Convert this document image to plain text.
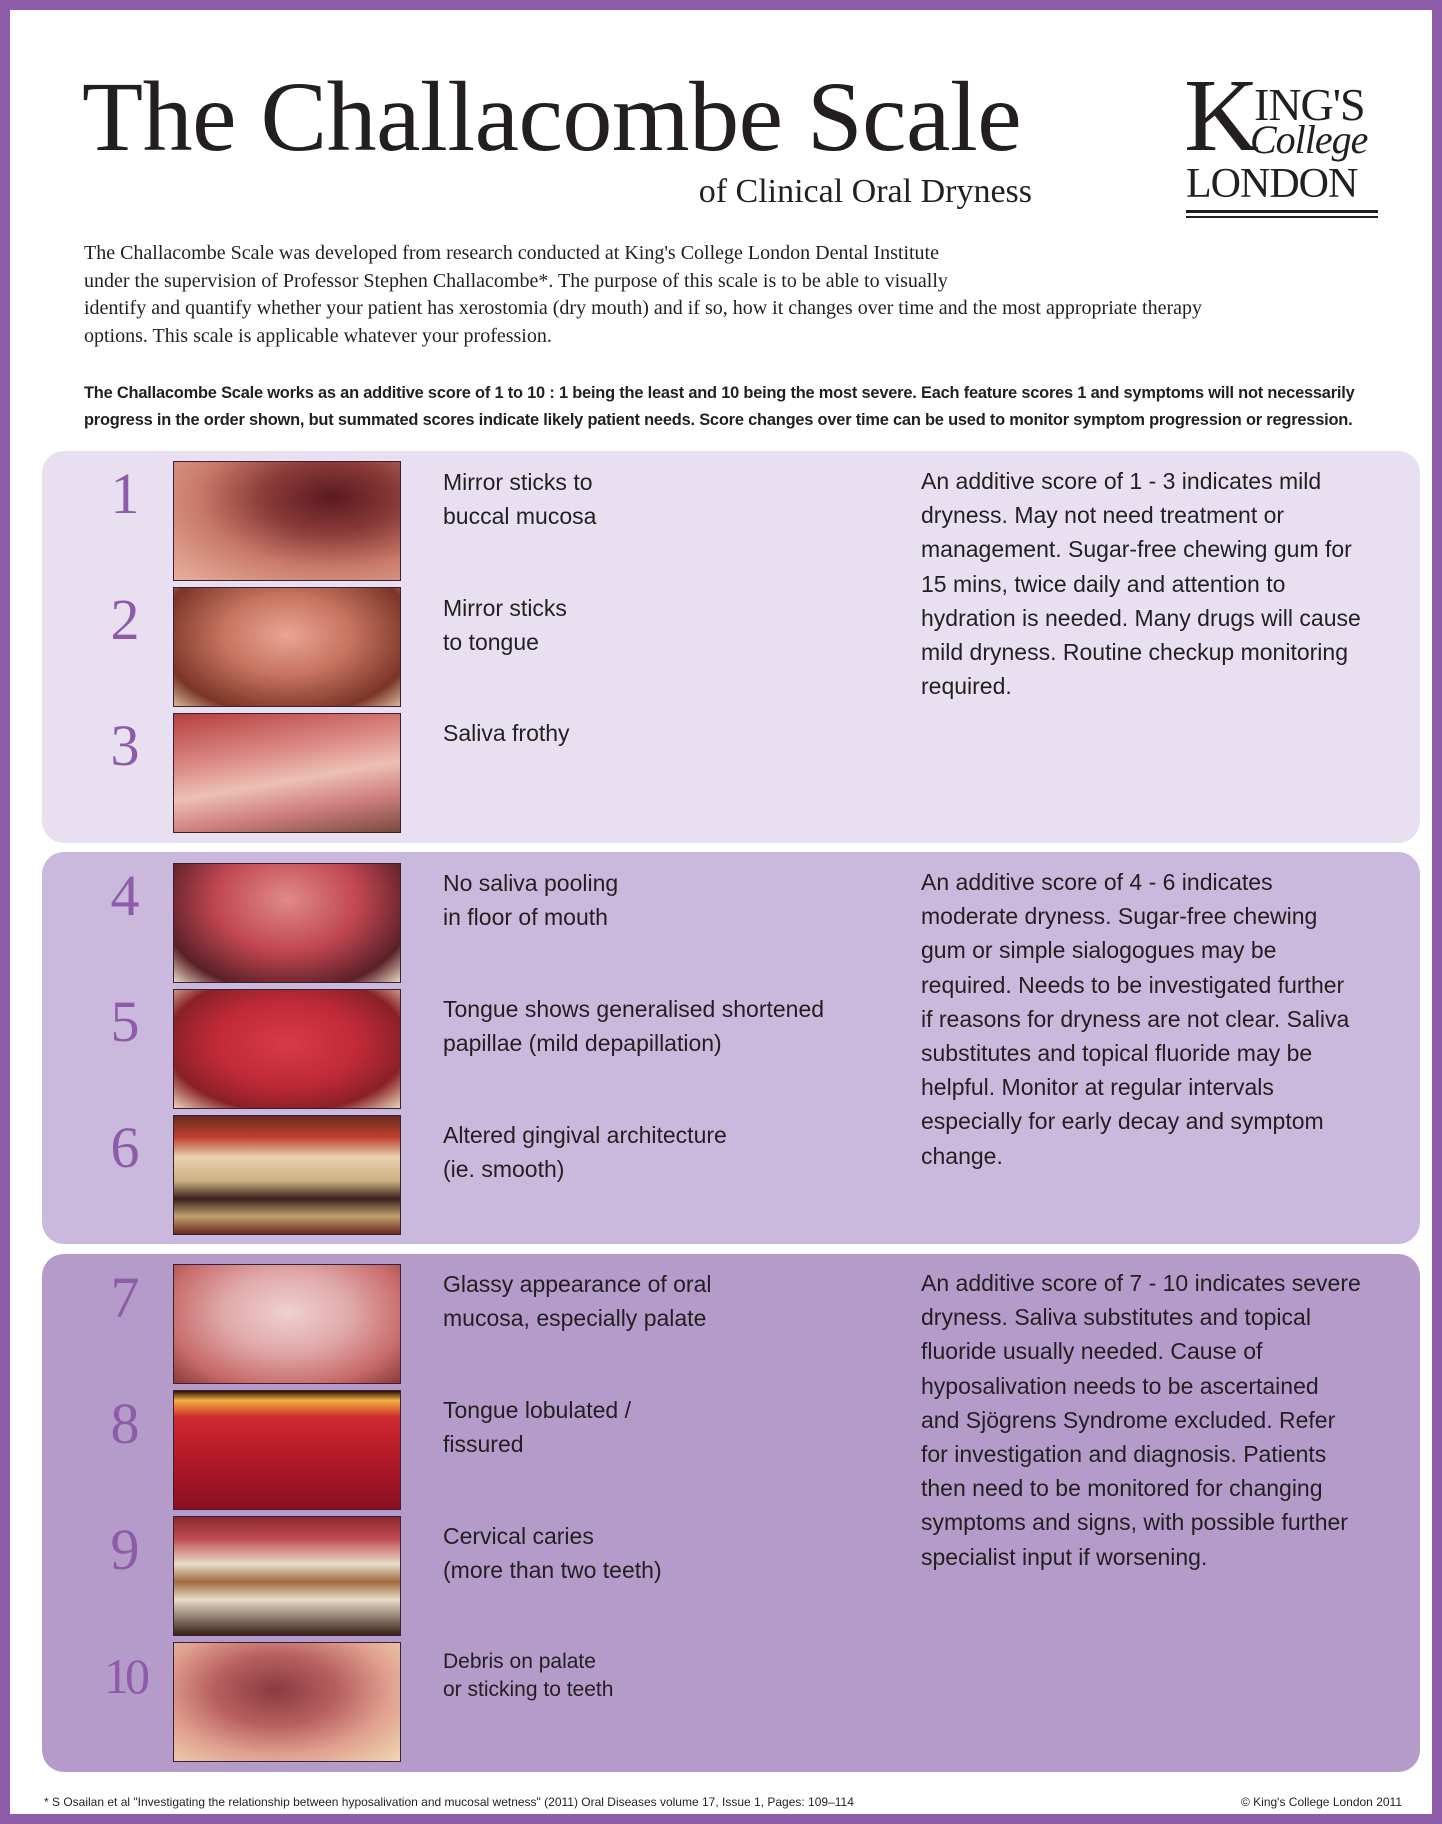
The Challacombe Scale
of Clinical Oral Dryness
K
ING'S
College
LONDON
The Challacombe Scale was developed from research conducted at King's College London Dental Institute
under the supervision of Professor Stephen Challacombe*. The purpose of this scale is to be able to visually
identify and quantify whether your patient has xerostomia (dry mouth) and if so, how it changes over time and the most appropriate therapy
options. This scale is applicable whatever your profession.
The Challacombe Scale works as an additive score of 1 to 10 : 1 being the least and 10 being the most severe. Each feature scores 1 and symptoms will not necessarily
progress in the order shown, but summated scores indicate likely patient needs. Score changes over time can be used to monitor symptom progression or regression.
1	Mirror sticks to
buccal mucosa
2	Mirror sticks
to tongue
3	Saliva frothy
An additive score of 1 - 3 indicates mild dryness. May not need treatment or management. Sugar-free chewing gum for 15 mins, twice daily and attention to hydration is needed. Many drugs will cause mild dryness. Routine checkup monitoring required.
4	No saliva pooling
in floor of mouth
5	Tongue shows generalised shortened
papillae (mild depapillation)
6	Altered gingival architecture
(ie. smooth)
An additive score of 4 - 6 indicates moderate dryness. Sugar-free chewing gum or simple sialogogues may be required. Needs to be investigated further if reasons for dryness are not clear. Saliva substitutes and topical fluoride may be helpful. Monitor at regular intervals especially for early decay and symptom change.
7	Glassy appearance of oral
mucosa, especially palate
8	Tongue lobulated /
fissured
9	Cervical caries
(more than two teeth)
10	Debris on palate
or sticking to teeth
An additive score of 7 - 10 indicates severe dryness. Saliva substitutes and topical fluoride usually needed. Cause of hyposalivation needs to be ascertained and Sjögrens Syndrome excluded. Refer for investigation and diagnosis. Patients then need to be monitored for changing symptoms and signs, with possible further specialist input if worsening.
* S Osailan et al "Investigating the relationship between hyposalivation and mucosal wetness" (2011) Oral Diseases volume 17, Issue 1, Pages: 109–114	© King's College London 2011
